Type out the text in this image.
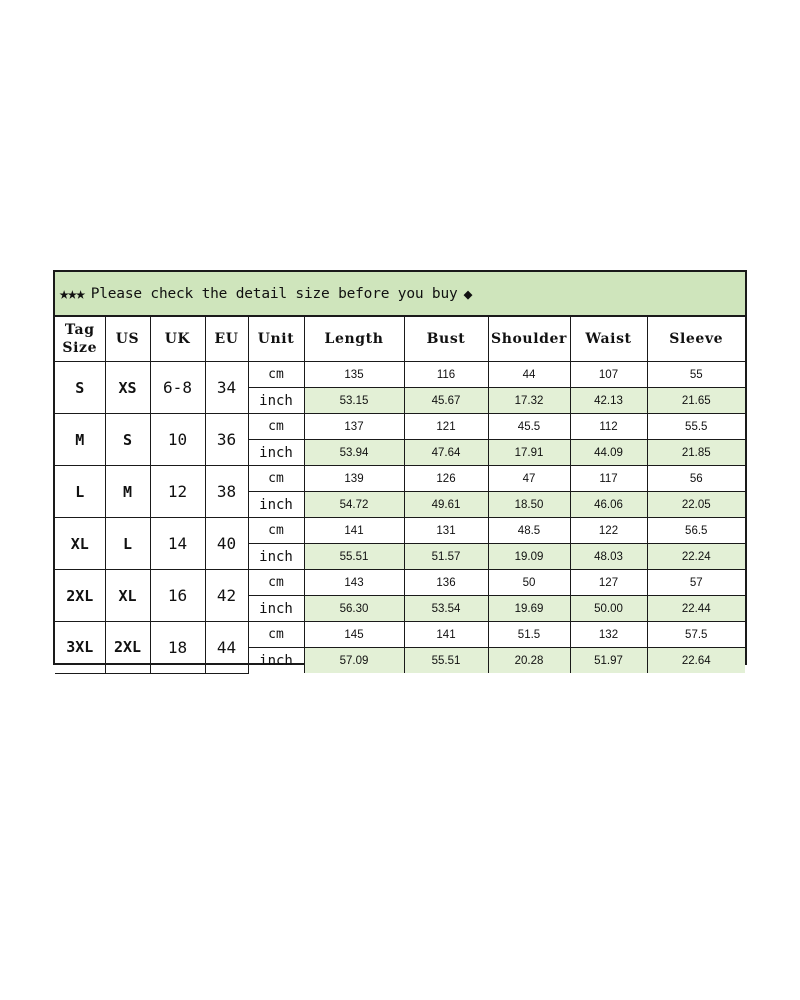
★★★ Please check the detail size before you buy ◆
Tag Size	US	UK	EU	Unit	Length	Bust	Shoulder	Waist	Sleeve
S	XS	6-8	34	cm	135	116	44	107	55
				inch	53.15	45.67	17.32	42.13	21.65
M	S	10	36	cm	137	121	45.5	112	55.5
				inch	53.94	47.64	17.91	44.09	21.85
L	M	12	38	cm	139	126	47	117	56
				inch	54.72	49.61	18.50	46.06	22.05
XL	L	14	40	cm	141	131	48.5	122	56.5
				inch	55.51	51.57	19.09	48.03	22.24
2XL	XL	16	42	cm	143	136	50	127	57
				inch	56.30	53.54	19.69	50.00	22.44
3XL	2XL	18	44	cm	145	141	51.5	132	57.5
				inch	57.09	55.51	20.28	51.97	22.64
